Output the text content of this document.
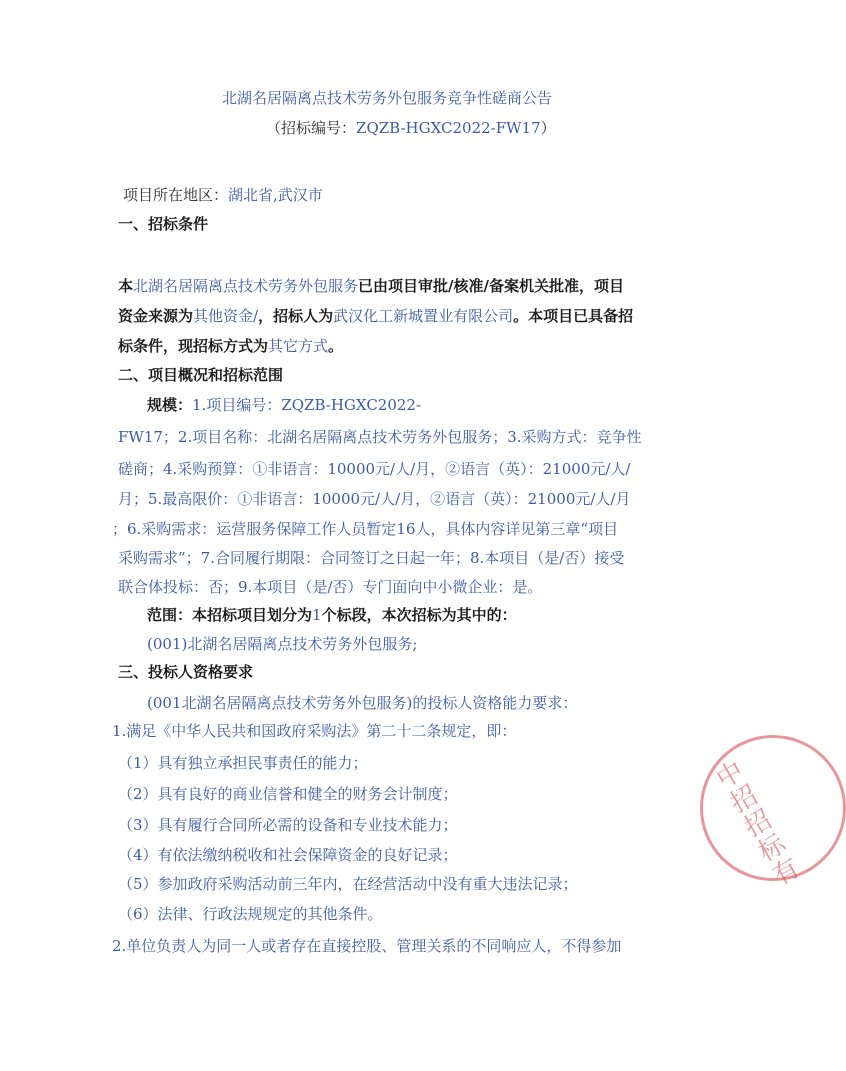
北湖名居隔离点技术劳务外包服务竞争性磋商公告
（招标编号：ZQZB-HGXC2022-FW17）
项目所在地区：湖北省,武汉市
一、招标条件
本北湖名居隔离点技术劳务外包服务已由项目审批/核准/备案机关批准，项目
资金来源为其他资金/，招标人为武汉化工新城置业有限公司。本项目已具备招
标条件，现招标方式为其它方式。
二、项目概况和招标范围
规模：1.项目编号：ZQZB-HGXC2022-
FW17；2.项目名称：北湖名居隔离点技术劳务外包服务；3.采购方式：竞争性
磋商；4.采购预算：①非语言：10000元/人/月，②语言（英）：21000元/人/
月；5.最高限价：①非语言：10000元/人/月，②语言（英）：21000元/人/月
；6.采购需求：运营服务保障工作人员暂定16人，具体内容详见第三章“项目
采购需求”；7.合同履行期限：合同签订之日起一年；8.本项目（是/否）接受
联合体投标：否；9.本项目（是/否）专门面向中小微企业：是。
范围：本招标项目划分为1个标段，本次招标为其中的：
(001)北湖名居隔离点技术劳务外包服务;
三、投标人资格要求
(001北湖名居隔离点技术劳务外包服务)的投标人资格能力要求：
1.满足《中华人民共和国政府采购法》第二十二条规定，即：
（1）具有独立承担民事责任的能力；
（2）具有良好的商业信誉和健全的财务会计制度；
（3）具有履行合同所必需的设备和专业技术能力；
（4）有依法缴纳税收和社会保障资金的良好记录；
（5）参加政府采购活动前三年内，在经营活动中没有重大违法记录；
（6）法律、行政法规规定的其他条件。
2.单位负责人为同一人或者存在直接控股、管理关系的不同响应人，不得参加
中招招标有
